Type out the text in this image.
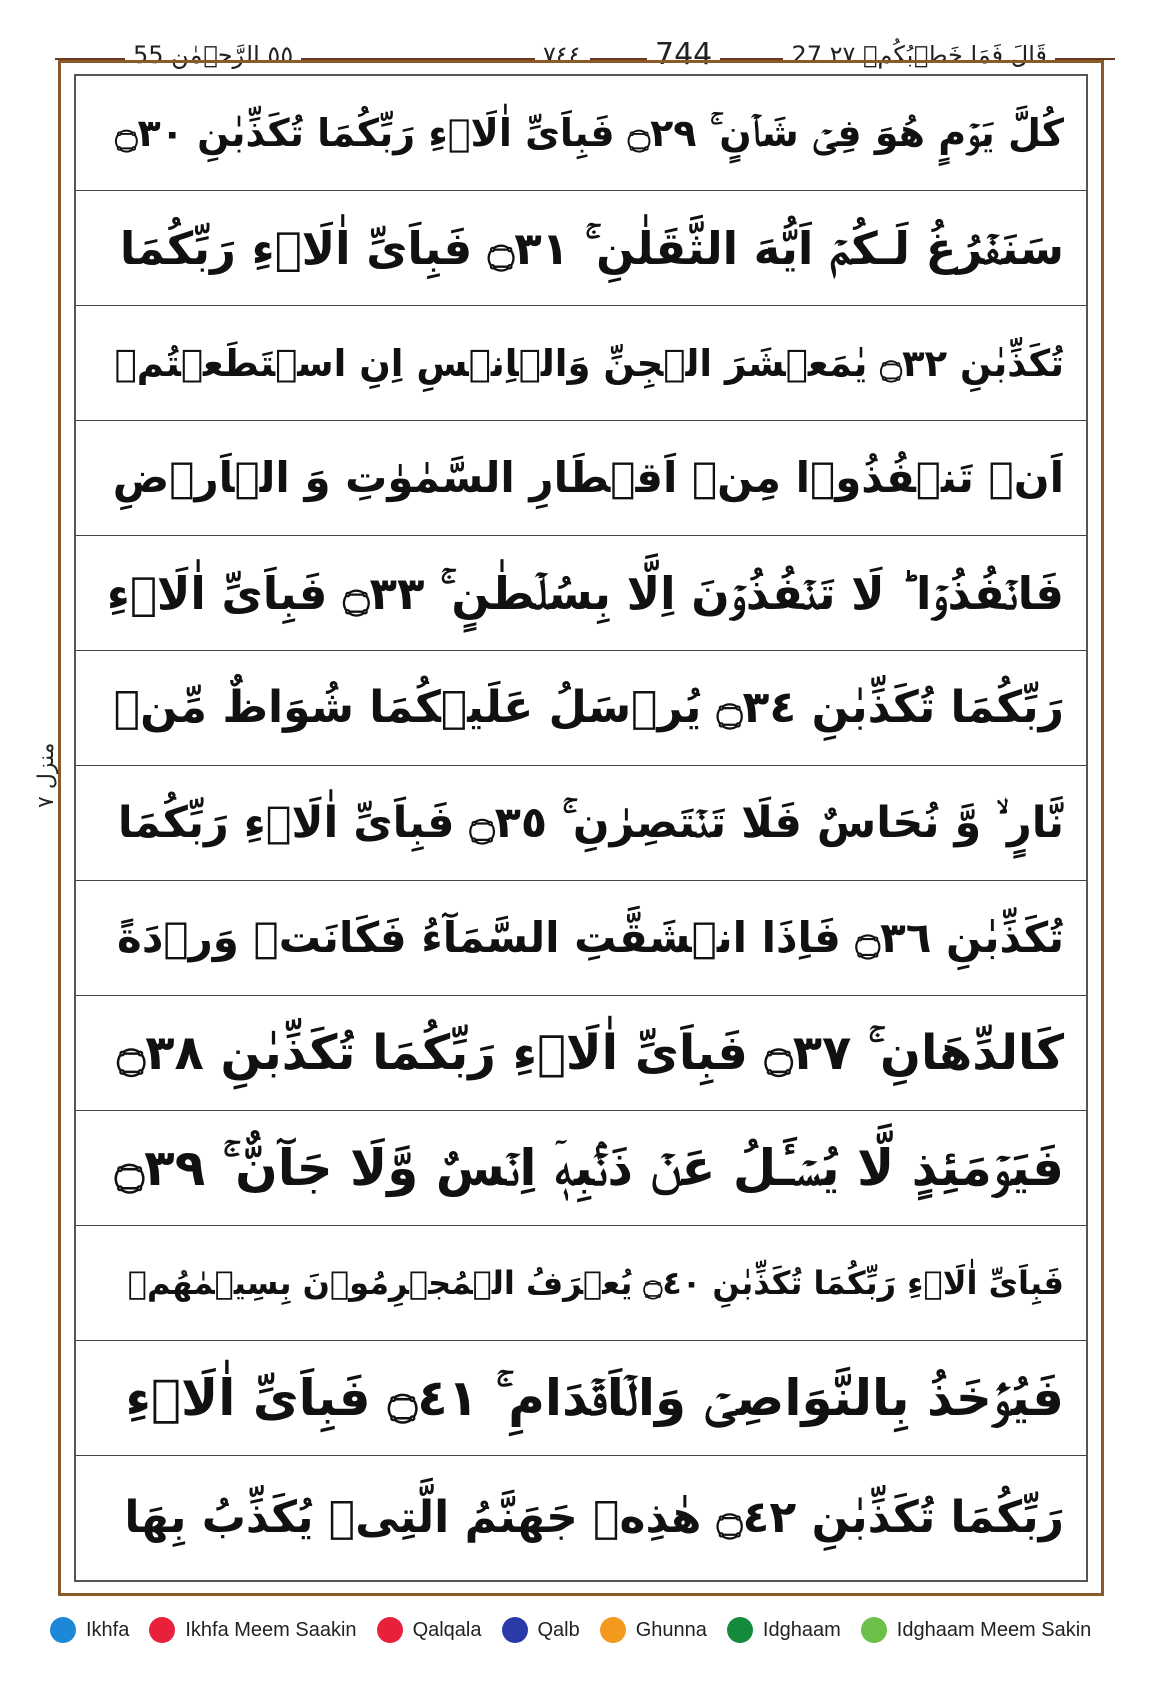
٥٥ الرَّحۡمٰن 55	٧٤٤ 744	27 قَالَ فَمَا خَطۡبُكُمۡ ٢٧
منزل ٧
كُلَّ يَوۡمٍ هُوَ فِىۡ شَاۡنٍ ۚ ۝٢٩ فَبِاَىِّ اٰلَاۤءِ رَبِّكُمَا تُكَذِّبٰنِ ۝٣٠
سَنَفۡرُغُ لَـكُمۡ اَيُّهَ الثَّقَلٰنِ ۚ ۝٣١ فَبِاَىِّ اٰلَاۤءِ رَبِّكُمَا
تُكَذِّبٰنِ ۝٣٢ يٰمَعۡشَرَ الۡجِنِّ وَالۡاِنۡسِ اِنِ اسۡتَطَعۡتُمۡ
اَنۡ تَنۡفُذُوۡا مِنۡ اَقۡطَارِ السَّمٰوٰتِ وَ الۡاَرۡضِ
فَانۡفُذُوۡا ؕ لَا تَنۡفُذُوۡنَ اِلَّا بِسُلۡطٰنٍ ۚ ۝٣٣ فَبِاَىِّ اٰلَاۤءِ
رَبِّكُمَا تُكَذِّبٰنِ ۝٣٤ يُرۡسَلُ عَلَيۡكُمَا شُوَاظٌ مِّنۡ
نَّارٍ ۙ وَّ نُحَاسٌ فَلَا تَنۡتَصِرٰنِ ۚ ۝٣٥ فَبِاَىِّ اٰلَاۤءِ رَبِّكُمَا
تُكَذِّبٰنِ ۝٣٦ فَاِذَا انۡشَقَّتِ السَّمَآءُ فَكَانَتۡ وَرۡدَةً
كَالدِّهَانِ ۚ ۝٣٧ فَبِاَىِّ اٰلَاۤءِ رَبِّكُمَا تُكَذِّبٰنِ ۝٣٨
فَيَوۡمَئِذٍ لَّا يُسۡـَٔلُ عَنۡ ذَنۡۢبِهٖۤ اِنۡسٌ وَّلَا جَآنٌّ ۚ ۝٣٩
فَبِاَىِّ اٰلَاۤءِ رَبِّكُمَا تُكَذِّبٰنِ ۝٤٠ يُعۡرَفُ الۡمُجۡرِمُوۡنَ بِسِيۡمٰهُمۡ
فَيُؤۡخَذُ بِالنَّوَاصِىۡ وَالۡاَقۡدَامِ ۚ ۝٤١ فَبِاَىِّ اٰلَاۤءِ
رَبِّكُمَا تُكَذِّبٰنِ ۝٤٢ هٰذِهٖ جَهَنَّمُ الَّتِىۡ يُكَذِّبُ بِهَا
Ikhfa	Ikhfa Meem Saakin	Qalqala	Qalb	Ghunna	Idghaam	Idghaam Meem Sakin
